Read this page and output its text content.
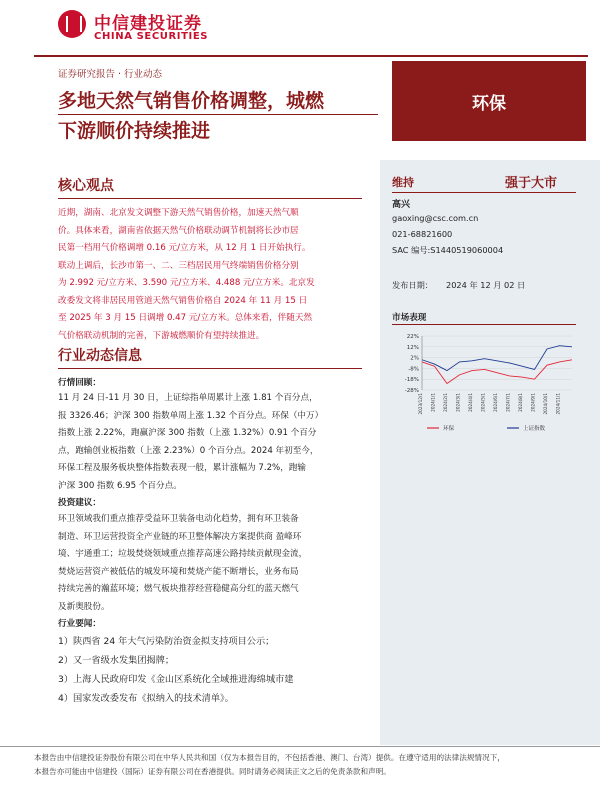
中信建投证券
CHINA SECURITIES
证券研究报告 · 行业动态
多地天然气销售价格调整，城燃
下游顺价持续推进
环保
核心观点
近期，湖南、北京发文调整下游天然气销售价格，加速天然气顺
价。具体来看，湖南省依据天然气价格联动调节机制将长沙市居
民第一档用气价格调增 0.16 元/立方米，从 12 月 1 日开始执行。
联动上调后，长沙市第一、二、三档居民用气终端销售价格分别
为 2.992 元/立方米、3.590 元/立方米、4.488 元/立方米。北京发
改委发文将非居民用管道天然气销售价格自 2024 年 11 月 15 日
至 2025 年 3 月 15 日调增 0.47 元/立方米。总体来看，伴随天然
气价格联动机制的完善，下游城燃顺价有望持续推进。
行业动态信息
行情回顾：
11 月 24 日-11 月 30 日，上证综指单周累计上涨 1.81 个百分点，
报 3326.46；沪深 300 指数单周上涨 1.32 个百分点。环保（中万）
指数上涨 2.22%，跑赢沪深 300 指数（上涨 1.32%）0.91 个百分
点，跑输创业板指数（上涨 2.23%）0 个百分点。2024 年初至今，
环保工程及服务板块整体指数表现一般，累计涨幅为 7.2%，跑输
沪深 300 指数 6.95 个百分点。
投资建议：
环卫领域我们重点推荐受益环卫装备电动化趋势，拥有环卫装备
制造、环卫运营投资全产业链的环卫整体解决方案提供商 盈峰环
境、宇通重工；垃圾焚烧领域重点推荐高速公路持续贡献现金流，
焚烧运营资产被低估的城发环境和焚烧产能不断增长，业务布局
持续完善的瀚蓝环境；燃气板块推荐经营稳健高分红的蓝天燃气
及新奥股份。
行业要闻：
1）陕西省 24 年大气污染防治资金拟支持项目公示；
2）又一省级水发集团揭牌；
3）上海人民政府印发《金山区系统化全域推进海绵城市建
4）国家发改委发布《拟纳入的技术清单》。
维持	强于大市
高兴
gaoxing@csc.com.cn
021-68821600
SAC 编号:S1440519060004
发布日期： 2024 年 12 月 02 日
市场表现
22%
12%
2%
-8%
-18%
-28%
2023/12/1 2024/1/1 2024/2/1 2024/3/1 2024/4/1 2024/5/1 2024/6/1 2024/7/1 2024/8/1 2024/9/1 2024/10/1 2024/11/1
环保	上证指数
本报告由中信建投证券股份有限公司在中华人民共和国（仅为本报告目的，不包括香港、澳门、台湾）提供。在遵守适用的法律法规情况下，
本报告亦可能由中信建投（国际）证券有限公司在香港提供。同时请务必阅读正文之后的免责条款和声明。
